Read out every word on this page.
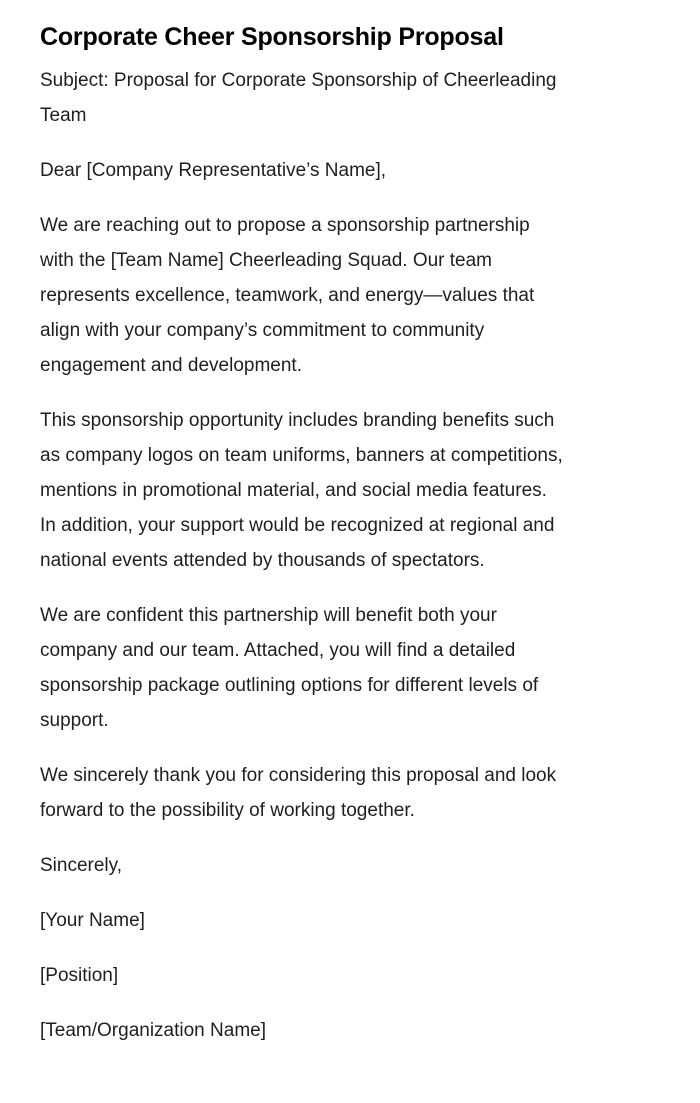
Corporate Cheer Sponsorship Proposal

Subject: Proposal for Corporate Sponsorship of Cheerleading
Team

Dear [Company Representative’s Name],

We are reaching out to propose a sponsorship partnership
with the [Team Name] Cheerleading Squad. Our team
represents excellence, teamwork, and energy—values that
align with your company’s commitment to community
engagement and development.

This sponsorship opportunity includes branding benefits such
as company logos on team uniforms, banners at competitions,
mentions in promotional material, and social media features.
In addition, your support would be recognized at regional and
national events attended by thousands of spectators.

We are confident this partnership will benefit both your
company and our team. Attached, you will find a detailed
sponsorship package outlining options for different levels of
support.

We sincerely thank you for considering this proposal and look
forward to the possibility of working together.

Sincerely,

[Your Name]

[Position]

[Team/Organization Name]
